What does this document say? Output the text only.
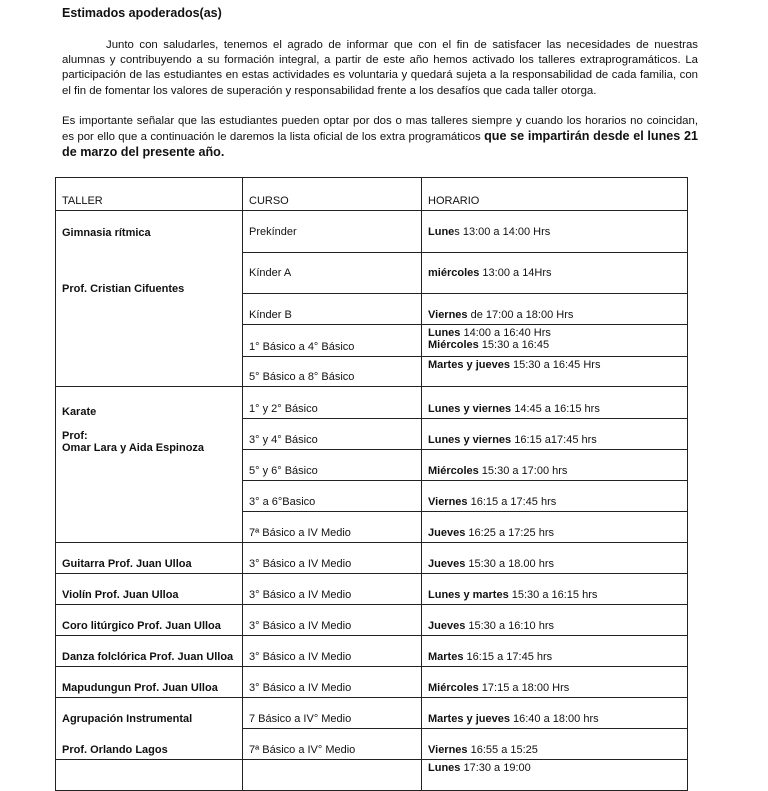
Estimados apoderados(as)
Junto con saludarles, tenemos el agrado de informar que con el fin de satisfacer las necesidades de nuestras alumnas y contribuyendo a su formación integral, a partir de este año hemos activado los talleres extraprogramáticos. La participación de las estudiantes en estas actividades es voluntaria y quedará sujeta a la responsabilidad de cada familia, con el fin de fomentar los valores de superación y responsabilidad frente a los desafíos que cada taller otorga.
Es importante señalar que las estudiantes pueden optar por dos o mas talleres siempre y cuando los horarios no coincidan, es por ello que a continuación le daremos la lista oficial de los extra programáticos que se impartirán desde el lunes 21 de marzo del presente año.
TALLER	CURSO	HORARIO

Gimnasia rítmica
Prof. Cristian Cifuentes	Prekínder	Lunes 13:00 a 14:00 Hrs
	Kínder A	miércoles 13:00 a 14Hrs
	Kínder B	Viernes de 17:00 a 18:00 Hrs
	1° Básico a 4° Básico	Lunes 14:00 a 16:40 Hrs
Miércoles 15:30 a 16:45

	5° Básico a 8° Básico	Martes y jueves 15:30 a 16:45 Hrs

Karate
Prof:
Omar Lara y Aida Espinoza	1° y 2° Básico	Lunes y viernes 14:45 a 16:15 hrs
	3° y 4° Básico	Lunes y viernes 16:15 a17:45 hrs
	5° y 6° Básico	Miércoles 15:30 a 17:00 hrs
	3° a 6°Basico	Viernes 16:15 a 17:45 hrs
	7ª Básico a IV Medio	Jueves 16:25 a 17:25 hrs
Guitarra Prof. Juan Ulloa	3° Básico a IV Medio	Jueves 15:30 a 18.00 hrs
Violín Prof. Juan Ulloa	3° Básico a IV Medio	Lunes y martes 15:30 a 16:15 hrs
Coro litúrgico Prof. Juan Ulloa	3° Básico a IV Medio	Jueves 15:30 a 16:10 hrs
Danza folclórica Prof. Juan Ulloa	3° Básico a IV Medio	Martes 16:15 a 17:45 hrs
Mapudungun Prof. Juan Ulloa	3° Básico a IV Medio	Miércoles 17:15 a 18:00 Hrs

Agrupación Instrumental
Prof. Orlando Lagos	7 Básico a IV° Medio	Martes y jueves 16:40 a 18:00 hrs
	7ª Básico a IV° Medio	Viernes 16:55 a 15:25
		Lunes 17:30 a 19:00
